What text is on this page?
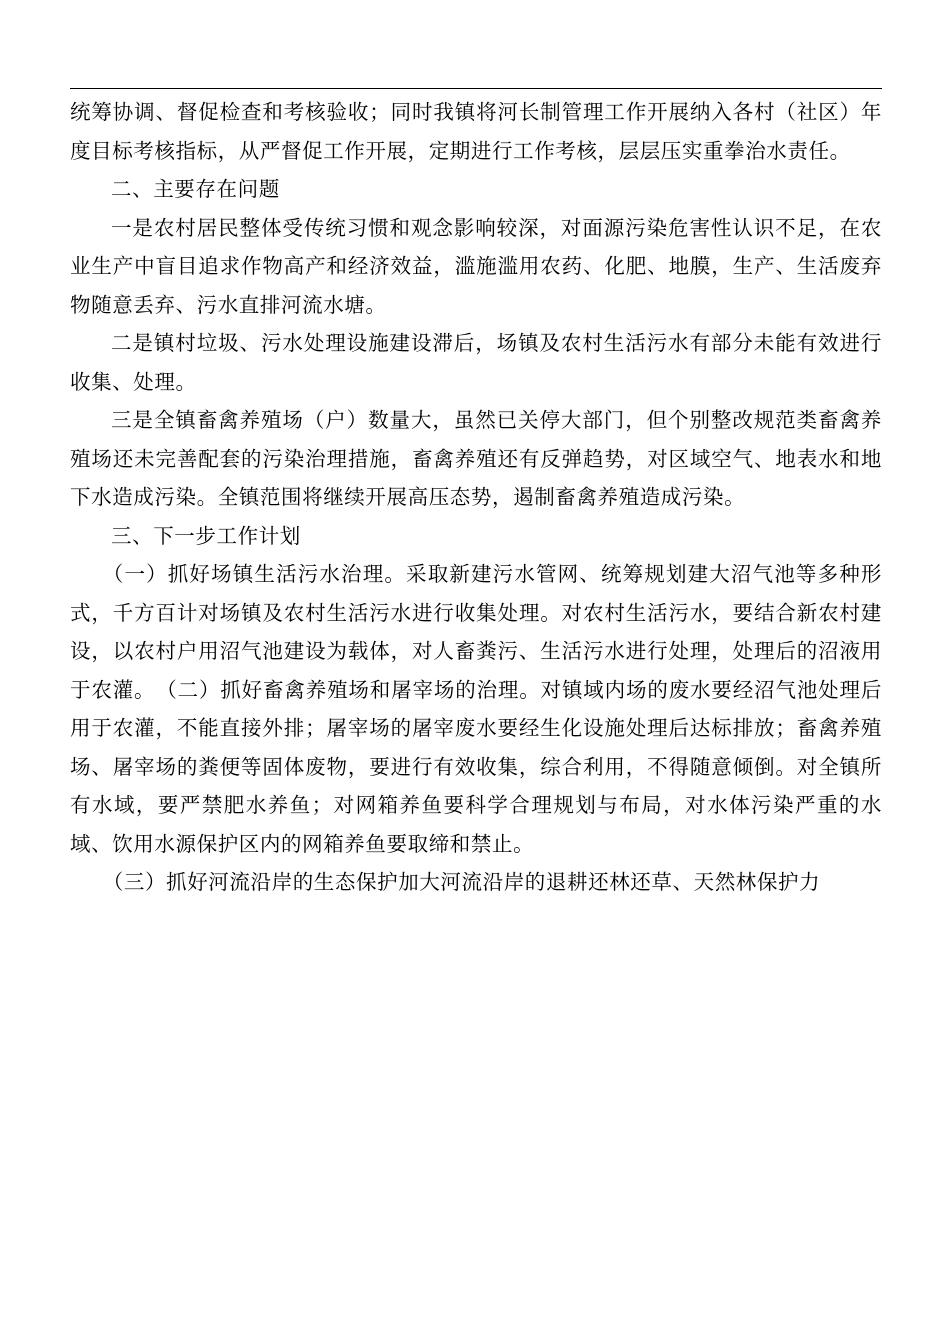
统筹协调、督促检查和考核验收；同时我镇将河长制管理工作开展纳入各村（社区）年度目标考核指标，从严督促工作开展，定期进行工作考核，层层压实重拳治水责任。

二、主要存在问题

一是农村居民整体受传统习惯和观念影响较深，对面源污染危害性认识不足，在农业生产中盲目追求作物高产和经济效益，滥施滥用农药、化肥、地膜，生产、生活废弃物随意丢弃、污水直排河流水塘。

二是镇村垃圾、污水处理设施建设滞后，场镇及农村生活污水有部分未能有效进行收集、处理。

三是全镇畜禽养殖场（户）数量大，虽然已关停大部门，但个别整改规范类畜禽养殖场还未完善配套的污染治理措施，畜禽养殖还有反弹趋势，对区域空气、地表水和地下水造成污染。全镇范围将继续开展高压态势，遏制畜禽养殖造成污染。

三、下一步工作计划

（一）抓好场镇生活污水治理。采取新建污水管网、统筹规划建大沼气池等多种形式，千方百计对场镇及农村生活污水进行收集处理。对农村生活污水，要结合新农村建设，以农村户用沼气池建设为载体，对人畜粪污、生活污水进行处理，处理后的沼液用于农灌。　（二）抓好畜禽养殖场和屠宰场的治理。对镇域内场的废水要经沼气池处理后用于农灌，不能直接外排；屠宰场的屠宰废水要经生化设施处理后达标排放；畜禽养殖场、屠宰场的粪便等固体废物，要进行有效收集，综合利用，不得随意倾倒。对全镇所有水域，要严禁肥水养鱼；对网箱养鱼要科学合理规划与布局，对水体污染严重的水域、饮用水源保护区内的网箱养鱼要取缔和禁止。

（三）抓好河流沿岸的生态保护加大河流沿岸的退耕还林还草、天然林保护力
